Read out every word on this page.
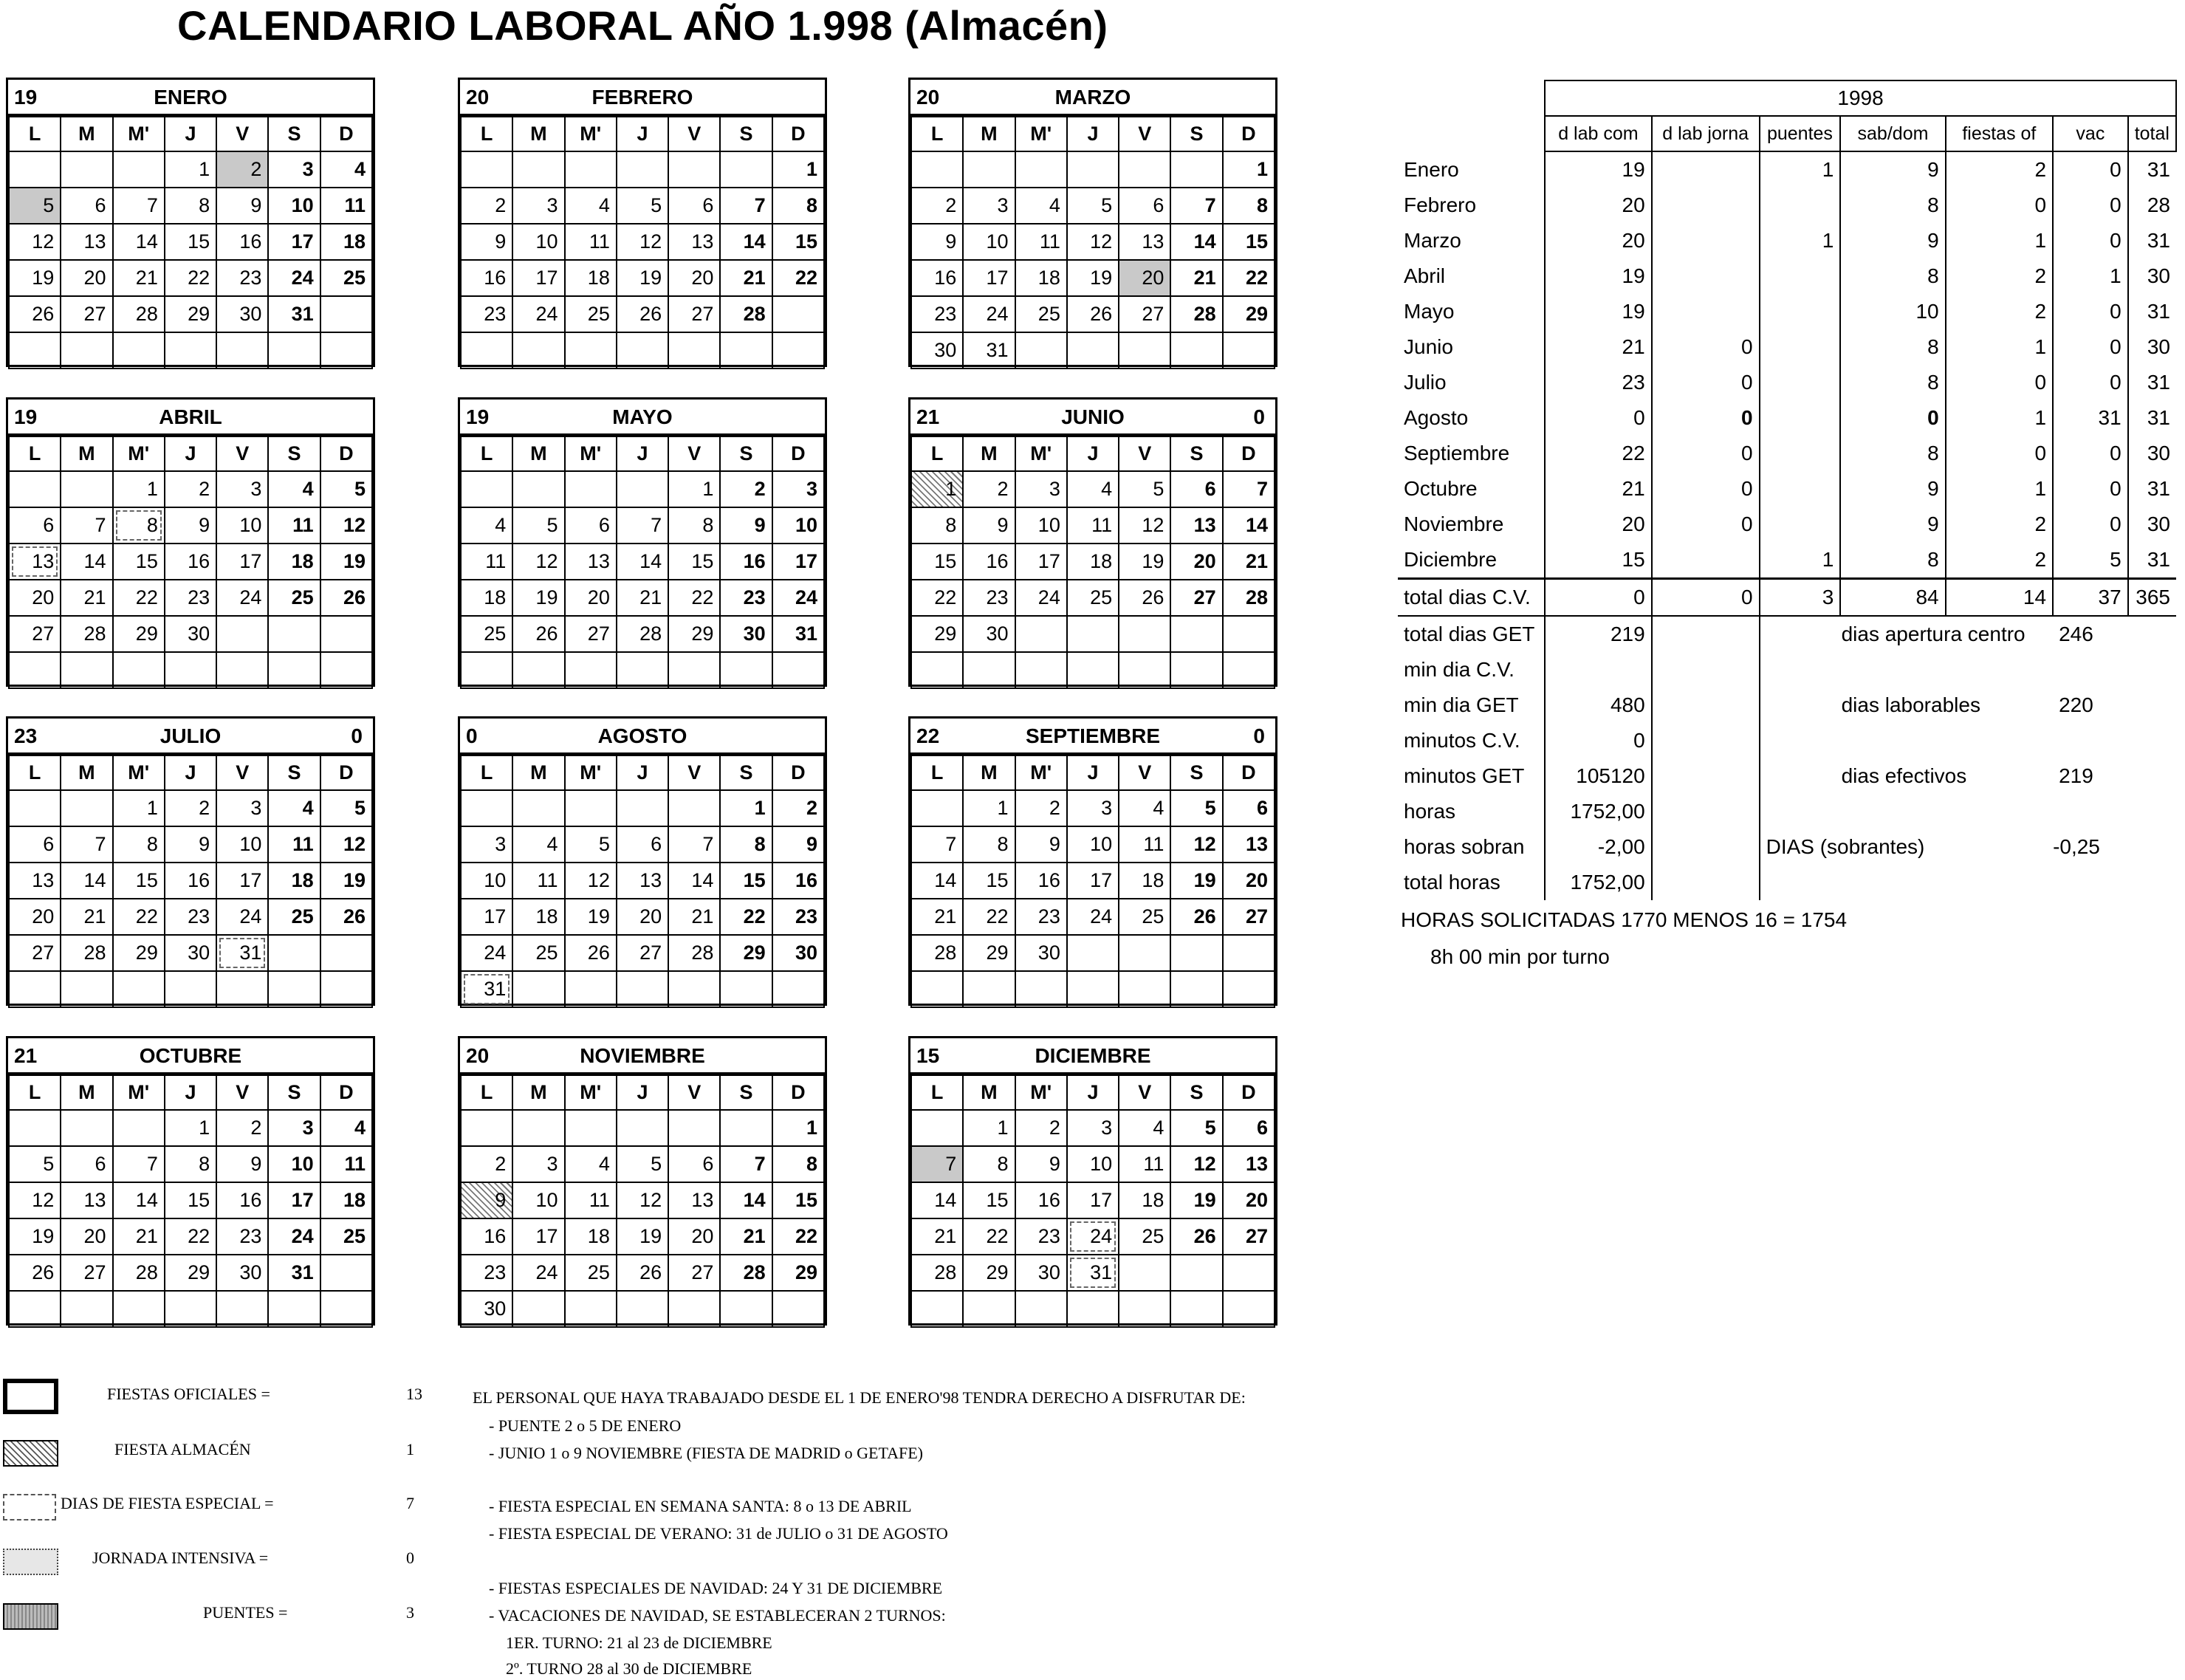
CALENDARIO LABORAL AÑO 1.998 (Almacén)
19	ENERO
L	M	M'	J	V	S	D
			1	2	3	4
5	6	7	8	9	10	11
12	13	14	15	16	17	18
19	20	21	22	23	24	25
26	27	28	29	30	31	

20	FEBRERO
L	M	M'	J	V	S	D
						1
2	3	4	5	6	7	8
9	10	11	12	13	14	15
16	17	18	19	20	21	22
23	24	25	26	27	28	

20	MARZO
L	M	M'	J	V	S	D
						1
2	3	4	5	6	7	8
9	10	11	12	13	14	15
16	17	18	19	20	21	22
23	24	25	26	27	28	29
30	31					
19	ABRIL
L	M	M'	J	V	S	D
		1	2	3	4	5
6	7	8	9	10	11	12
13	14	15	16	17	18	19
20	21	22	23	24	25	26
27	28	29	30			

19	MAYO
L	M	M'	J	V	S	D
				1	2	3
4	5	6	7	8	9	10
11	12	13	14	15	16	17
18	19	20	21	22	23	24
25	26	27	28	29	30	31

21	JUNIO	0
L	M	M'	J	V	S	D
1	2	3	4	5	6	7
8	9	10	11	12	13	14
15	16	17	18	19	20	21
22	23	24	25	26	27	28
29	30					

23	JULIO	0
L	M	M'	J	V	S	D
		1	2	3	4	5
6	7	8	9	10	11	12
13	14	15	16	17	18	19
20	21	22	23	24	25	26
27	28	29	30	31		

0	AGOSTO
L	M	M'	J	V	S	D
					1	2
3	4	5	6	7	8	9
10	11	12	13	14	15	16
17	18	19	20	21	22	23
24	25	26	27	28	29	30
31						
22	SEPTIEMBRE	0
L	M	M'	J	V	S	D
	1	2	3	4	5	6
7	8	9	10	11	12	13
14	15	16	17	18	19	20
21	22	23	24	25	26	27
28	29	30				

21	OCTUBRE
L	M	M'	J	V	S	D
			1	2	3	4
5	6	7	8	9	10	11
12	13	14	15	16	17	18
19	20	21	22	23	24	25
26	27	28	29	30	31	

20	NOVIEMBRE
L	M	M'	J	V	S	D
						1
2	3	4	5	6	7	8
9	10	11	12	13	14	15
16	17	18	19	20	21	22
23	24	25	26	27	28	29
30						
15	DICIEMBRE
L	M	M'	J	V	S	D
	1	2	3	4	5	6
7	8	9	10	11	12	13
14	15	16	17	18	19	20
21	22	23	24	25	26	27
28	29	30	31			

	1998						
	d lab com	d lab jorna	puentes	sab/dom	fiestas of	vac	total
Enero	19		1	9	2	0	31
Febrero	20			8	0	0	28
Marzo	20		1	9	1	0	31
Abril	19			8	2	1	30
Mayo	19			10	2	0	31
Junio	21	0		8	1	0	30
Julio	23	0		8	0	0	31
Agosto	0	0		0	1	31	31
Septiembre	22	0		8	0	0	30
Octubre	21	0		9	1	0	31
Noviembre	20	0		9	2	0	30
Diciembre	15		1	8	2	5	31
total dias C.V.	0	0	3	84	14	37	365
total dias GET	219		dias apertura centro			246	
min dia C.V.							
min dia GET	480		dias laborables			220	
minutos C.V.	0						
minutos GET	105120		dias efectivos			219	
horas	1752,00						
horas sobran	-2,00		DIAS (sobrantes)			-0,25	
total horas	1752,00						
HORAS SOLICITADAS 1770 MENOS 16 = 1754
8h 00 min por turno
FIESTAS OFICIALES =	13
FIESTA ALMACÉN	1
DIAS DE FIESTA ESPECIAL =	7
JORNADA INTENSIVA =	0
PUENTES =	3
EL PERSONAL QUE HAYA TRABAJADO DESDE EL 1 DE ENERO'98 TENDRA DERECHO A DISFRUTAR DE:
- PUENTE 2 o 5 DE ENERO
- JUNIO 1 o 9 NOVIEMBRE (FIESTA DE MADRID o GETAFE)
- FIESTA ESPECIAL EN SEMANA SANTA: 8 o 13 DE ABRIL
- FIESTA ESPECIAL DE VERANO: 31 de JULIO o 31 DE AGOSTO
- FIESTAS ESPECIALES DE NAVIDAD: 24 Y 31 DE DICIEMBRE
- VACACIONES DE NAVIDAD, SE ESTABLECERAN 2 TURNOS:
1ER. TURNO: 21 al 23 de DICIEMBRE
2º. TURNO 28 al 30 de DICIEMBRE
